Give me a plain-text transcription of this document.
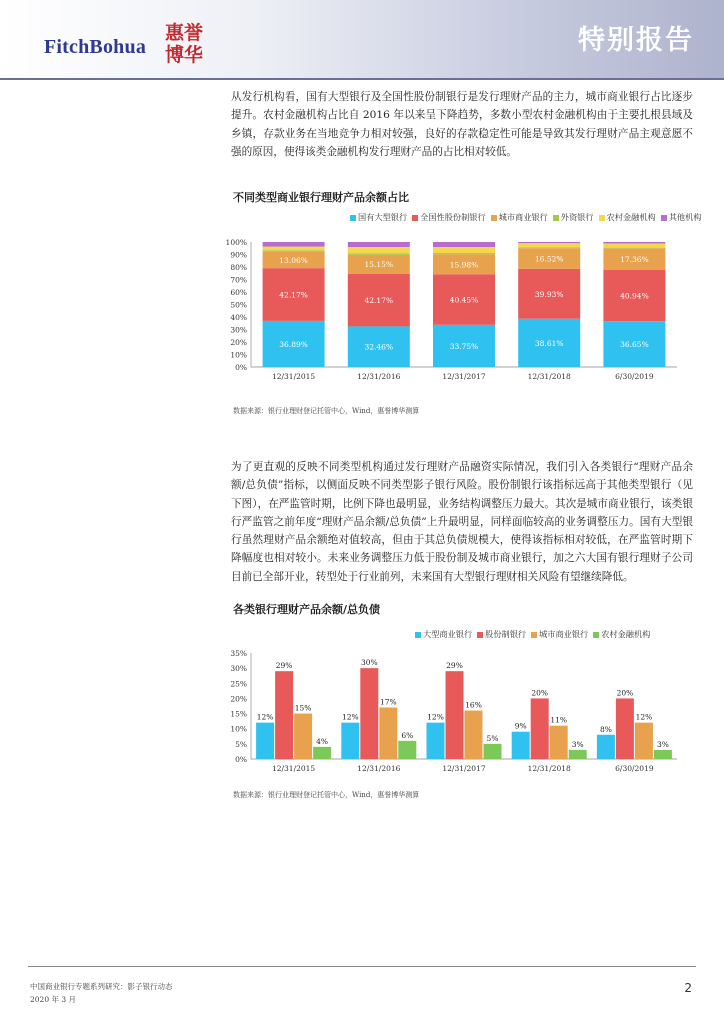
FitchBohua
惠誉
博华	特别报告

从发行机构看，国有大型银行及全国性股份制银行是发行理财产品的主力，城市商业银行占比逐步提升。农村金融机构占比自 2016 年以来呈下降趋势，多数小型农村金融机构由于主要扎根县域及乡镇，存款业务在当地竞争力相对较强，良好的存款稳定性可能是导致其发行理财产品主观意愿不强的原因，使得该类金融机构发行理财产品的占比相对较低。

不同类型商业银行理财产品余额占比
国有大型银行 全国性股份制银行 城市商业银行 外资银行 农村金融机构 其他机构
0%
10%
20%
30%
40%
50%
60%
70%
80%
90%
100%
36.89%
42.17%
13.06%
12/31/2015
32.46%
42.17%
15.15%
12/31/2016
33.75%
40.45%
15.98%
12/31/2017
38.61%
39.93%
16.52%
12/31/2018
36.65%
40.94%
17.36%
6/30/2019
数据来源：银行业理财登记托管中心，Wind，惠誉博华测算

为了更直观的反映不同类型机构通过发行理财产品融资实际情况，我们引入各类银行“理财产品余额/总负债”指标，以侧面反映不同类型影子银行风险。股份制银行该指标远高于其他类型银行（见下图），在严监管时期，比例下降也最明显，业务结构调整压力最大。其次是城市商业银行，该类银行严监管之前年度“理财产品余额/总负债”上升最明显，同样面临较高的业务调整压力。国有大型银行虽然理财产品余额绝对值较高，但由于其总负债规模大，使得该指标相对较低，在严监管时期下降幅度也相对较小。未来业务调整压力低于股份制及城市商业银行，加之六大国有银行理财子公司目前已全部开业，转型处于行业前列，未来国有大型银行理财相关风险有望继续降低。

各类银行理财产品余额/总负债
大型商业银行 股份制银行 城市商业银行 农村金融机构
0%
5%
10%
15%
20%
25%
30%
35%
12%
29%
15%
4%
12/31/2015
12%
30%
17%
6%
12/31/2016
12%
29%
16%
5%
12/31/2017
9%
20%
11%
3%
12/31/2018
8%
20%
12%
3%
6/30/2019
数据来源：银行业理财登记托管中心，Wind，惠誉博华测算
中国商业银行专题系列研究：影子银行动态
2020 年 3 月
2
